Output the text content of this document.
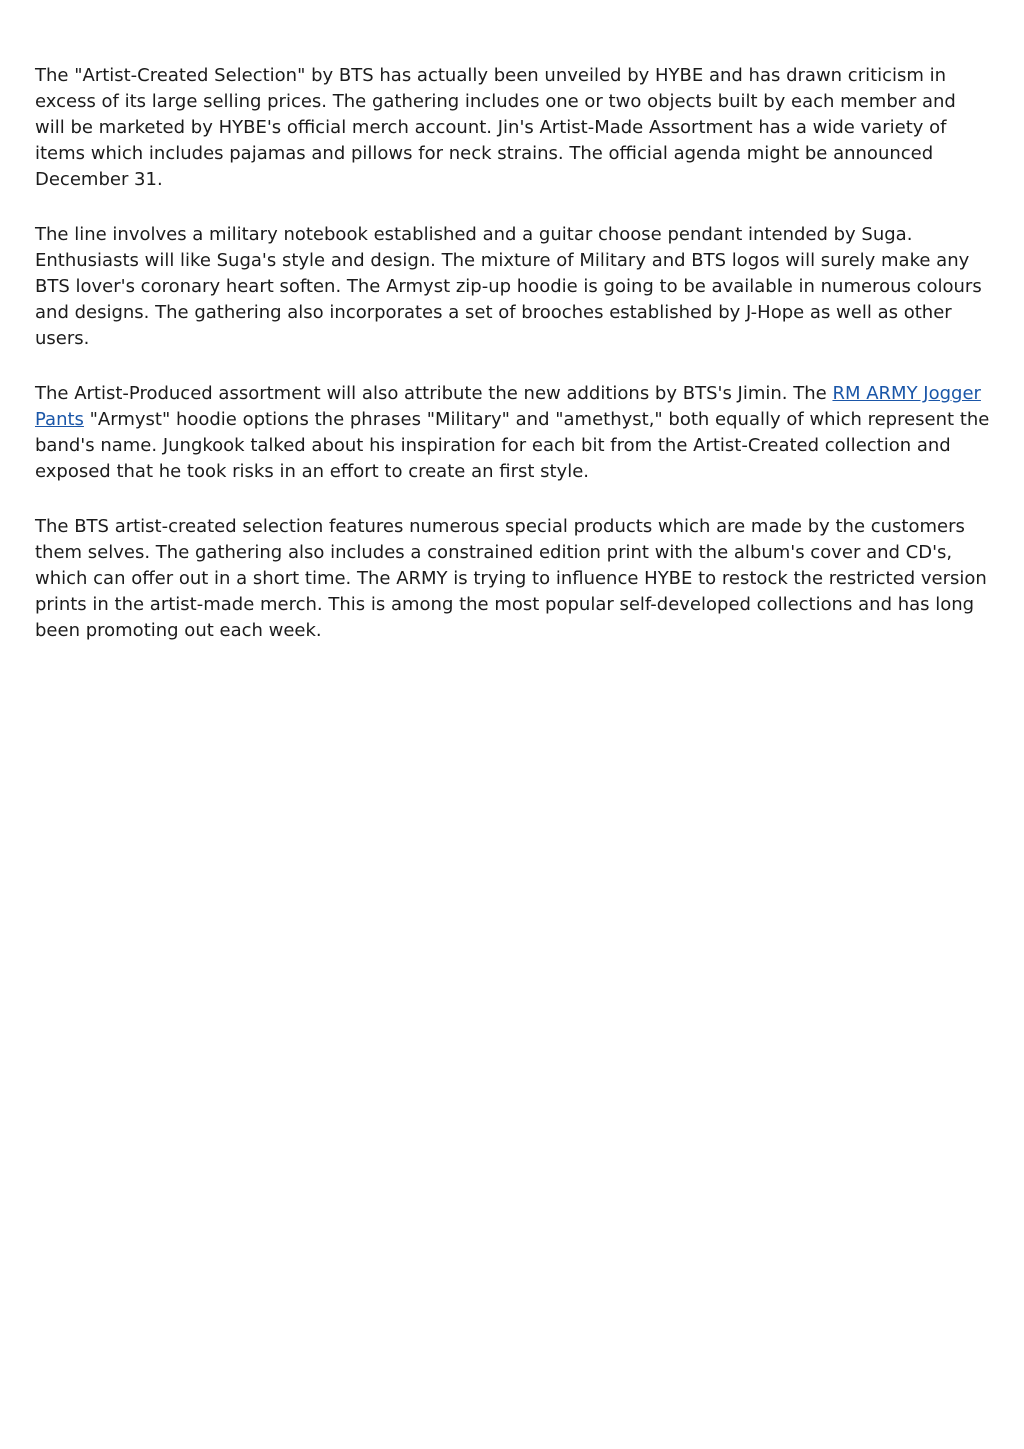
The "Artist-Created Selection" by BTS has actually been unveiled by HYBE and has drawn criticism in excess of its large selling prices. The gathering includes one or two objects built by each member and will be marketed by HYBE's official merch account. Jin's Artist-Made Assortment has a wide variety of items which includes pajamas and pillows for neck strains. The official agenda might be announced December 31.

The line involves a military notebook established and a guitar choose pendant intended by Suga. Enthusiasts will like Suga's style and design. The mixture of Military and BTS logos will surely make any BTS lover's coronary heart soften. The Armyst zip-up hoodie is going to be available in numerous colours and designs. The gathering also incorporates a set of brooches established by J-Hope as well as other users.

The Artist-Produced assortment will also attribute the new additions by BTS's Jimin. The RM ARMY Jogger Pants "Armyst" hoodie options the phrases "Military" and "amethyst," both equally of which represent the band's name. Jungkook talked about his inspiration for each bit from the Artist-Created collection and exposed that he took risks in an effort to create an first style.

The BTS artist-created selection features numerous special products which are made by the customers them selves. The gathering also includes a constrained edition print with the album's cover and CD's, which can offer out in a short time. The ARMY is trying to influence HYBE to restock the restricted version prints in the artist-made merch. This is among the most popular self-developed collections and has long been promoting out each week.
